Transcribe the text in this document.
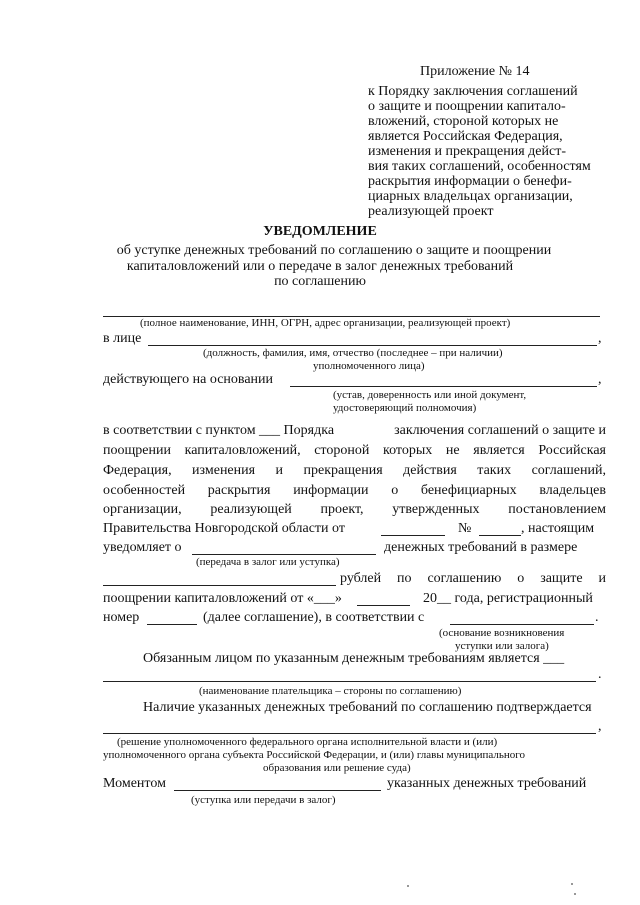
Приложение № 14
к Порядку заключения соглашений
о защите и поощрении капитало-
вложений, стороной которых не
является Российская Федерация,
изменения и прекращения дейст-
вия таких соглашений, особенностям
раскрытия информации о бенефи-
циарных владельцах организации,
реализующей проект
УВЕДОМЛЕНИЕ
об уступке денежных требований по соглашению о защите и поощрении
капиталовложений или о передаче в залог денежных требований
по соглашению
(полное наименование, ИНН, ОГРН, адрес организации, реализующей проект)
в лице	,
(должность, фамилия, имя, отчество (последнее – при наличии)
уполномоченного лица)
действующего на основании	,
(устав, доверенность или иной документ,
удостоверяющий полномочия)
в соответствии с пунктом ___ Порядка	заключения соглашений о защите и
поощрении капиталовложений, стороной которых не является Российская
Федерация, изменения и прекращения действия таких соглашений,
особенностей раскрытия информации о бенефициарных владельцев
организации, реализующей проект, утвержденных постановлением
Правительства Новгородской области от	№	, настоящим
уведомляет о	денежных требований в размере
(передача в залог или уступка)
рублей по соглашению о защите и
поощрении капиталовложений от «___»	20__ года, регистрационный
номер	(далее соглашение), в соответствии с	.
(основание возникновения
уступки или залога)
Обязанным лицом по указанным денежным требованиям является ___
.
(наименование плательщика – стороны по соглашению)
Наличие указанных денежных требований по соглашению подтверждается
,
(решение уполномоченного федерального органа исполнительной власти и (или)
уполномоченного органа субъекта Российской Федерации, и (или) главы муниципального
образования или решение суда)
Моментом	указанных денежных требований
(уступка или передачи в залог)
